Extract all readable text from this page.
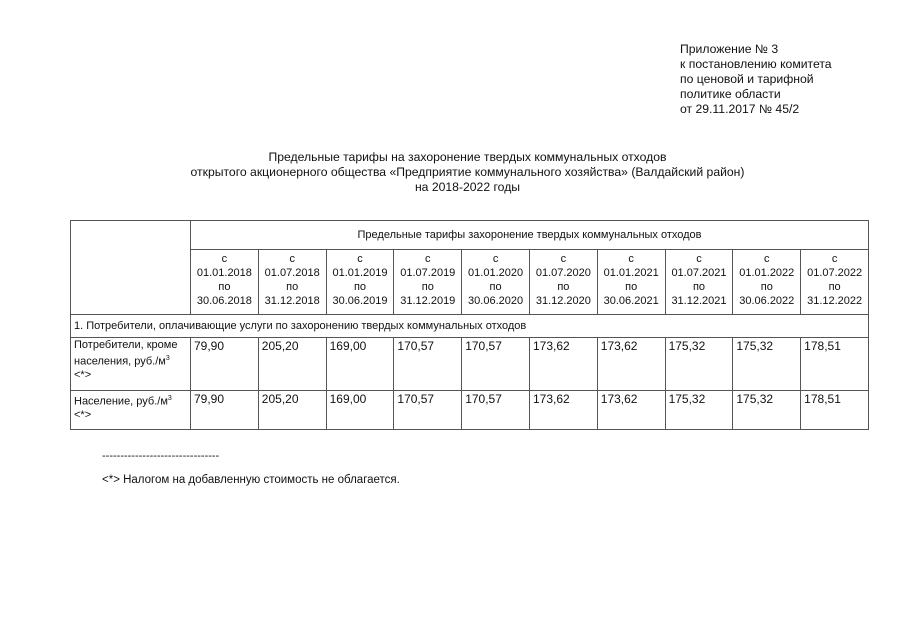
Приложение № 3
к постановлению комитета
по ценовой и тарифной
политике области
от 29.11.2017 № 45/2
Предельные тарифы на захоронение твердых коммунальных отходов
открытого акционерного общества «Предприятие коммунального хозяйства» (Валдайский район)
на 2018-2022 годы
	Предельные тарифы захоронение твердых коммунальных отходов									

	с
01.01.2018
по
30.06.2018	с
01.07.2018
по
31.12.2018	с
01.01.2019
по
30.06.2019	с
01.07.2019
по
31.12.2019	с
01.01.2020
по
30.06.2020	с
01.07.2020
по
31.12.2020	с
01.01.2021
по
30.06.2021	с
01.07.2021
по
31.12.2021	с
01.01.2022
по
30.06.2022	с
01.07.2022
по
31.12.2022

1. Потребители, оплачивающие услуги по захоронению твердых коммунальных отходов										
Потребители, кроме населения, $руб./м^3$
<*>	79,90	205,20	169,00	170,57	170,57	173,62	173,62	175,32	175,32	178,51
Население, $руб./м^3$
<*>	79,90	205,20	169,00	170,57	170,57	173,62	173,62	175,32	175,32	178,51
--------------------------------
<*> Налогом на добавленную стоимость не облагается.
